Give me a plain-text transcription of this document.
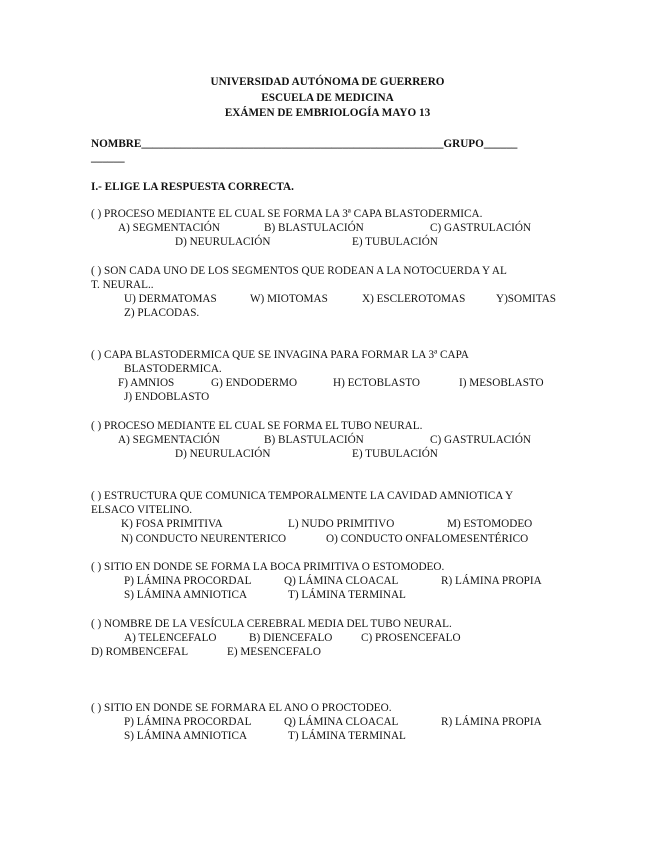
UNIVERSIDAD AUTÓNOMA DE GUERRERO
ESCUELA DE MEDICINA
EXÁMEN DE EMBRIOLOGÍA MAYO 13
NOMBRE______________________________________________________GRUPO______
______
I.- ELIGE LA RESPUESTA CORRECTA.
( ) PROCESO MEDIANTE EL CUAL SE FORMA LA 3ª CAPA BLASTODERMICA.
A) SEGMENTACIÓN	B) BLASTULACIÓN	C) GASTRULACIÓN
D) NEURULACIÓN	E) TUBULACIÓN
( ) SON CADA UNO DE LOS SEGMENTOS QUE RODEAN A LA NOTOCUERDA Y AL
T. NEURAL..
U) DERMATOMAS	W) MIOTOMAS	X) ESCLEROTOMAS	Y)SOMITAS
Z) PLACODAS.
( ) CAPA BLASTODERMICA QUE SE INVAGINA PARA FORMAR LA 3ª CAPA
BLASTODERMICA.
F) AMNIOS	G) ENDODERMO	H) ECTOBLASTO	I) MESOBLASTO
J) ENDOBLASTO
( ) PROCESO MEDIANTE EL CUAL SE FORMA EL TUBO NEURAL.
A) SEGMENTACIÓN	B) BLASTULACIÓN	C) GASTRULACIÓN
D) NEURULACIÓN	E) TUBULACIÓN
( ) ESTRUCTURA QUE COMUNICA TEMPORALMENTE LA CAVIDAD AMNIOTICA Y
ELSACO VITELINO.
K) FOSA PRIMITIVA	L) NUDO PRIMITIVO	M) ESTOMODEO
N) CONDUCTO NEURENTERICO	O) CONDUCTO ONFALOMESENTÉRICO
( ) SITIO EN DONDE SE FORMA LA BOCA PRIMITIVA O ESTOMODEO.
P) LÁMINA PROCORDAL	Q) LÁMINA CLOACAL	R) LÁMINA PROPIA
S) LÁMINA AMNIOTICA	T) LÁMINA TERMINAL
( ) NOMBRE DE LA VESÍCULA CEREBRAL MEDIA DEL TUBO NEURAL.
A) TELENCEFALO	B) DIENCEFALO	C) PROSENCEFALO
D) ROMBENCEFAL	E) MESENCEFALO
( ) SITIO EN DONDE SE FORMARA EL ANO O PROCTODEO.
P) LÁMINA PROCORDAL	Q) LÁMINA CLOACAL	R) LÁMINA PROPIA
S) LÁMINA AMNIOTICA	T) LÁMINA TERMINAL
